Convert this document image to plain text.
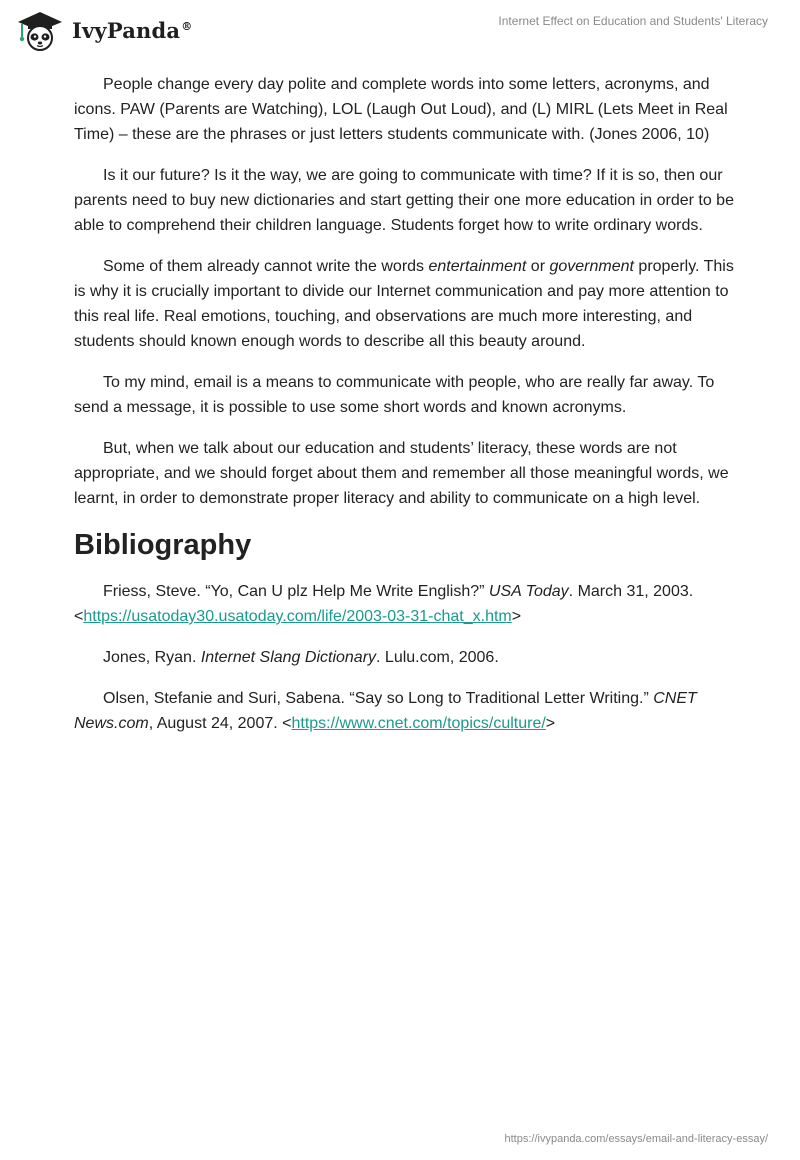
IvyPanda®	Internet Effect on Education and Students' Literacy

People change every day polite and complete words into some letters, acronyms, and icons. PAW (Parents are Watching), LOL (Laugh Out Loud), and (L) MIRL (Lets Meet in Real Time) – these are the phrases or just letters students communicate with. (Jones 2006, 10)

Is it our future? Is it the way, we are going to communicate with time? If it is so, then our parents need to buy new dictionaries and start getting their one more education in order to be able to comprehend their children language. Students forget how to write ordinary words.

Some of them already cannot write the words entertainment or government properly. This is why it is crucially important to divide our Internet communication and pay more attention to this real life. Real emotions, touching, and observations are much more interesting, and students should known enough words to describe all this beauty around.

To my mind, email is a means to communicate with people, who are really far away. To send a message, it is possible to use some short words and known acronyms.

But, when we talk about our education and students’ literacy, these words are not appropriate, and we should forget about them and remember all those meaningful words, we learnt, in order to demonstrate proper literacy and ability to communicate on a high level.

Bibliography

Friess, Steve. “Yo, Can U plz Help Me Write English?” USA Today. March 31, 2003. <https://usatoday30.usatoday.com/life/2003-03-31-chat_x.htm>

Jones, Ryan. Internet Slang Dictionary. Lulu.com, 2006.

Olsen, Stefanie and Suri, Sabena. “Say so Long to Traditional Letter Writing.” CNET News.com, August 24, 2007. <https://www.cnet.com/topics/culture/>

https://ivypanda.com/essays/email-and-literacy-essay/
